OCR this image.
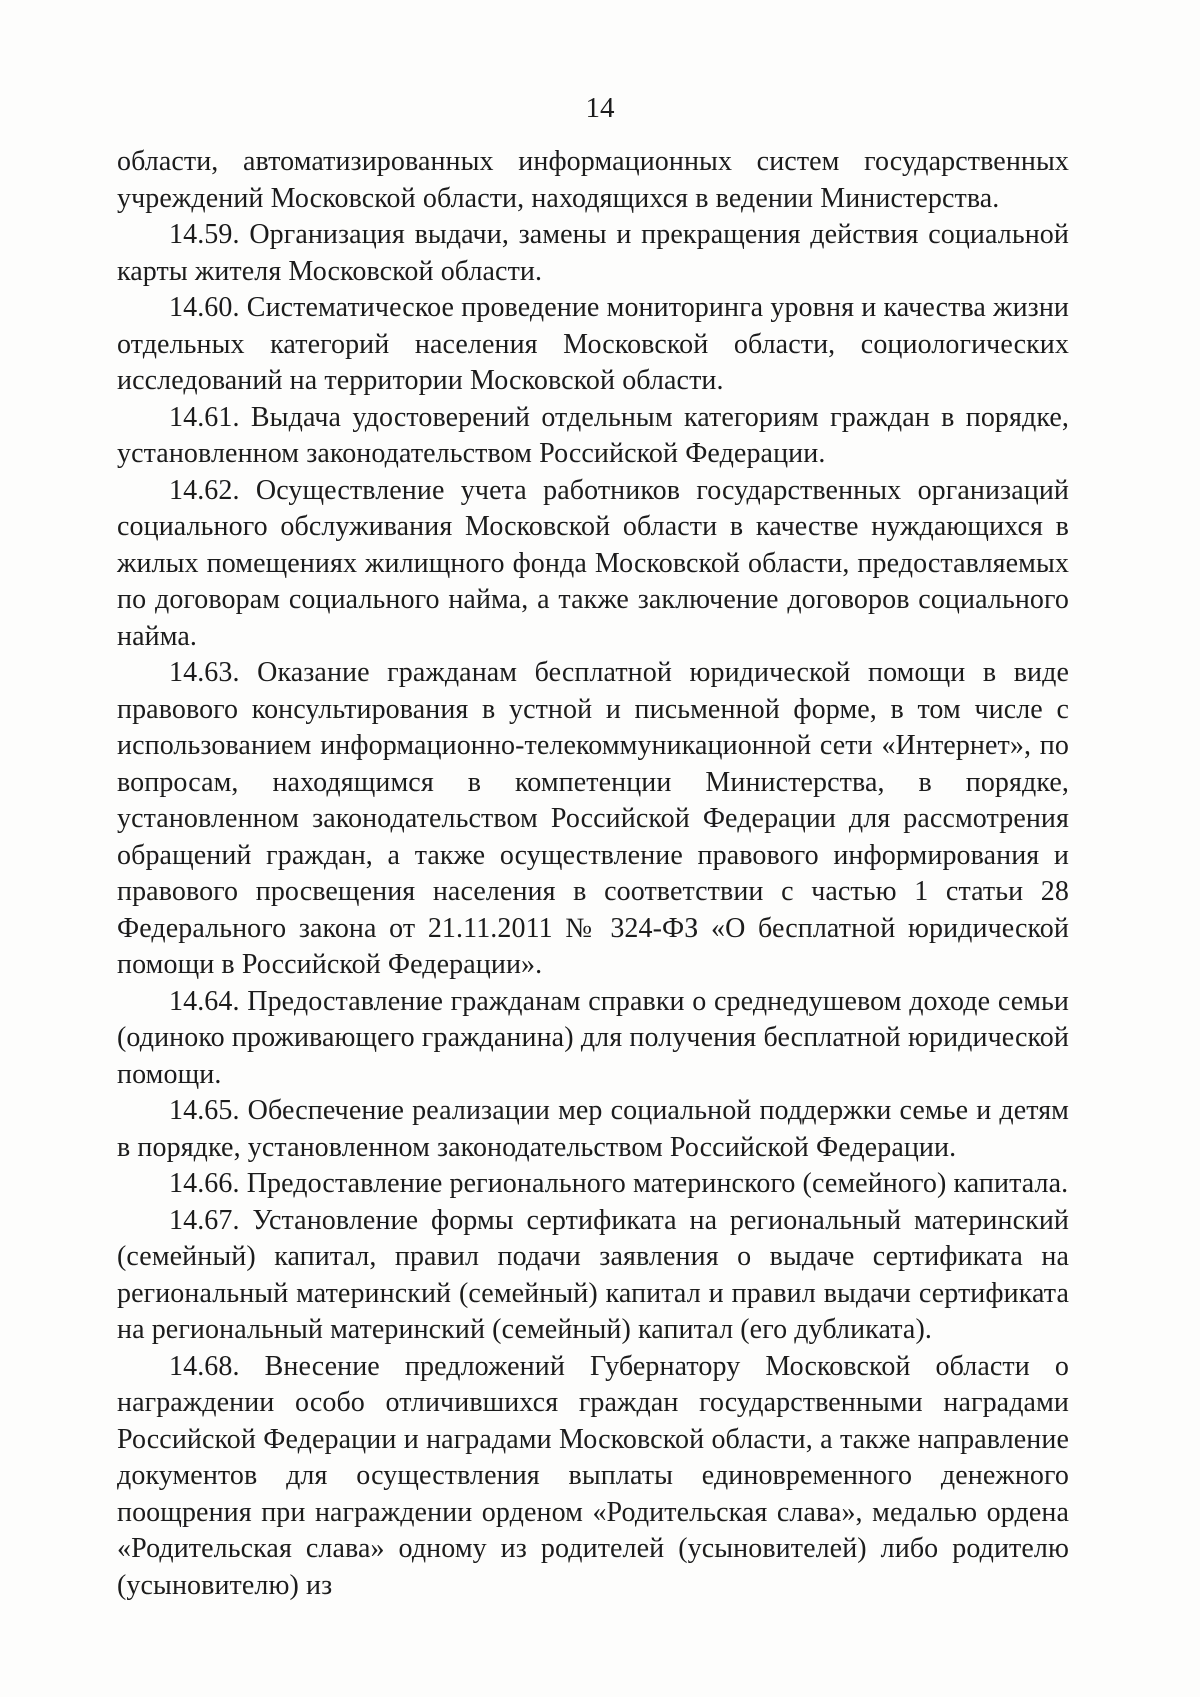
14

области, автоматизированных информационных систем государственных учреждений Московской области, находящихся в ведении Министерства.

14.59. Организация выдачи, замены и прекращения действия социальной карты жителя Московской области.

14.60. Систематическое проведение мониторинга уровня и качества жизни отдельных категорий населения Московской области, социологических исследований на территории Московской области.

14.61. Выдача удостоверений отдельным категориям граждан в порядке, установленном законодательством Российской Федерации.

14.62. Осуществление учета работников государственных организаций социального обслуживания Московской области в качестве нуждающихся в жилых помещениях жилищного фонда Московской области, предоставляемых по договорам социального найма, а также заключение договоров социального найма.

14.63. Оказание гражданам бесплатной юридической помощи в виде правового консультирования в устной и письменной форме, в том числе с использованием информационно-телекоммуникационной сети «Интернет», по вопросам, находящимся в компетенции Министерства, в порядке, установленном законодательством Российской Федерации для рассмотрения обращений граждан, а также осуществление правового информирования и правового просвещения населения в соответствии с частью 1 статьи 28 Федерального закона от 21.11.2011 № 324-ФЗ «О бесплатной юридической помощи в Российской Федерации».

14.64. Предоставление гражданам справки о среднедушевом доходе семьи (одиноко проживающего гражданина) для получения бесплатной юридической помощи.

14.65. Обеспечение реализации мер социальной поддержки семье и детям в порядке, установленном законодательством Российской Федерации.

14.66. Предоставление регионального материнского (семейного) капитала.

14.67. Установление формы сертификата на региональный материнский (семейный) капитал, правил подачи заявления о выдаче сертификата на региональный материнский (семейный) капитал и правил выдачи сертификата на региональный материнский (семейный) капитал (его дубликата).

14.68. Внесение предложений Губернатору Московской области о награждении особо отличившихся граждан государственными наградами Российской Федерации и наградами Московской области, а также направление документов для осуществления выплаты единовременного денежного поощрения при награждении орденом «Родительская слава», медалью ордена «Родительская слава» одному из родителей (усыновителей) либо родителю (усыновителю) из
